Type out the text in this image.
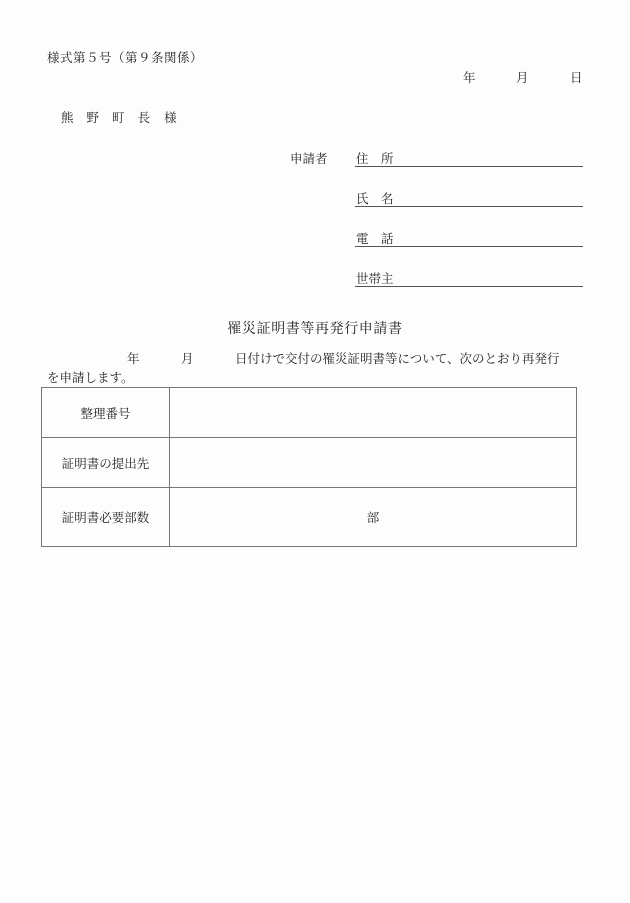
様式第５号（第９条関係）
年	月	日
熊 野 町 長 様
申請者 住　所
氏　名
電　話
世帯主
罹災証明書等再発行申請書
年	月	日付けで交付の罹災証明書等について、次のとおり再発行
を申請します。
整理番号	
証明書の提出先	
証明書必要部数	部
